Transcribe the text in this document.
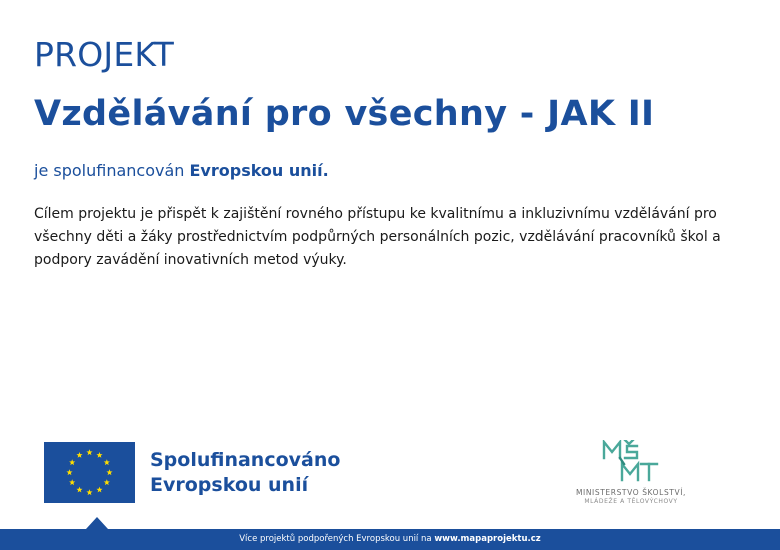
PROJEKT
Vzdělávání pro všechny - JAK II
je spolufinancován Evropskou unií.
Cílem projektu je přispět k zajištění rovného přístupu ke kvalitnímu a inkluzivnímu vzdělávání pro všechny děti a žáky prostřednictvím podpůrných personálních pozic, vzdělávání pracovníků škol a podpory zavádění inovativních metod výuky.
Spolufinancováno
Evropskou unií	MINISTERSTVO ŠKOLSTVÍ,
MLÁDEŽE A TĚLOVÝCHOVY
Více projektů podpořených Evropskou unií na www.mapaprojektu.cz
